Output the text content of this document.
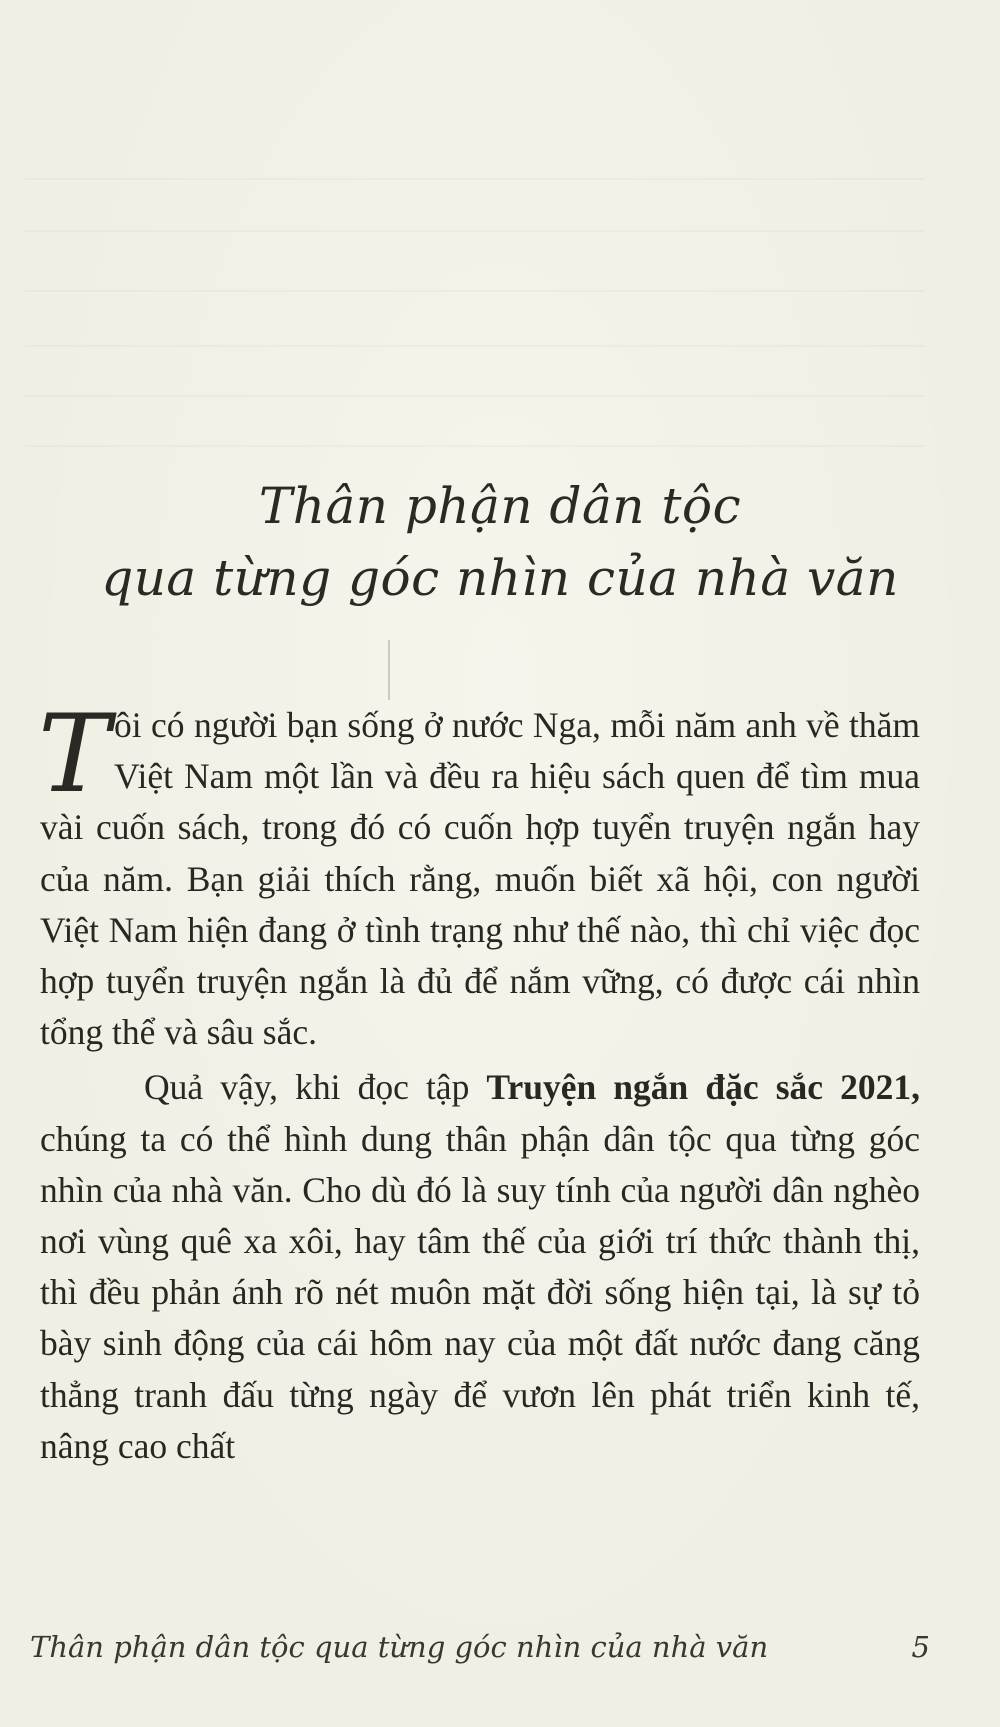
Thân phận dân tộc
qua từng góc nhìn của nhà văn

Tôi có người bạn sống ở nước Nga, mỗi năm anh về thăm Việt Nam một lần và đều ra hiệu sách quen để tìm mua vài cuốn sách, trong đó có cuốn hợp tuyển truyện ngắn hay của năm. Bạn giải thích rằng, muốn biết xã hội, con người Việt Nam hiện đang ở tình trạng như thế nào, thì chỉ việc đọc hợp tuyển truyện ngắn là đủ để nắm vững, có được cái nhìn tổng thể và sâu sắc.

Quả vậy, khi đọc tập Truyện ngắn đặc sắc 2021, chúng ta có thể hình dung thân phận dân tộc qua từng góc nhìn của nhà văn. Cho dù đó là suy tính của người dân nghèo nơi vùng quê xa xôi, hay tâm thế của giới trí thức thành thị, thì đều phản ánh rõ nét muôn mặt đời sống hiện tại, là sự tỏ bày sinh động của cái hôm nay của một đất nước đang căng thẳng tranh đấu từng ngày để vươn lên phát triển kinh tế, nâng cao chất

Thân phận dân tộc qua từng góc nhìn của nhà văn	5
